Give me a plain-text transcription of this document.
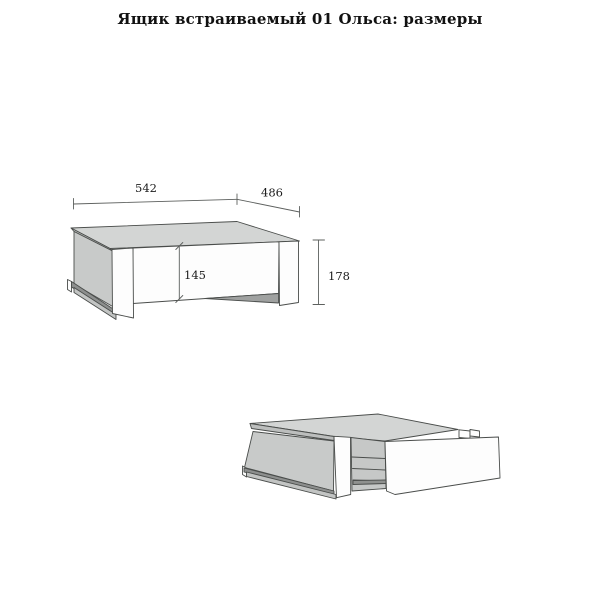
Ящик встраиваемый 01 Ольса: размеры
542	486
145	178
